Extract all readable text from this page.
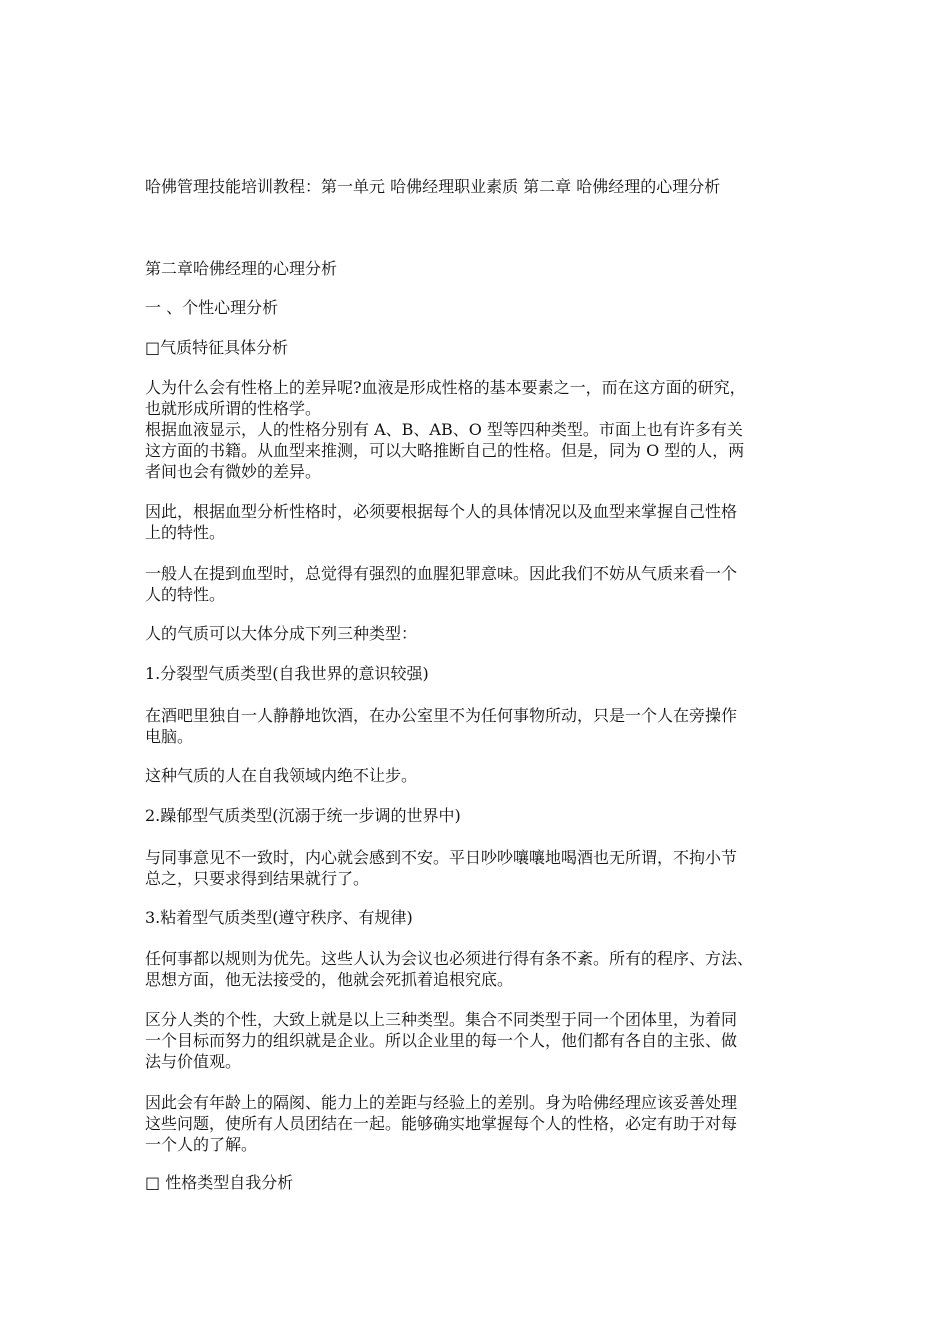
哈佛管理技能培训教程：第一单元 哈佛经理职业素质 第二章 哈佛经理的心理分析
第二章哈佛经理的心理分析
一 、个性心理分析
□气质特征具体分析
人为什么会有性格上的差异呢?血液是形成性格的基本要素之一，而在这方面的研究，
也就形成所谓的性格学。
根据血液显示，人的性格分别有 A、B、AB、O 型等四种类型。市面上也有许多有关
这方面的书籍。从血型来推测，可以大略推断自己的性格。但是，同为 O 型的人，两
者间也会有微妙的差异。
因此，根据血型分析性格时，必须要根据每个人的具体情况以及血型来掌握自己性格
上的特性。
一般人在提到血型时，总觉得有强烈的血腥犯罪意味。因此我们不妨从气质来看一个
人的特性。
人的气质可以大体分成下列三种类型：
1.分裂型气质类型(自我世界的意识较强)
在酒吧里独自一人静静地饮酒，在办公室里不为任何事物所动，只是一个人在旁操作
电脑。
这种气质的人在自我领域内绝不让步。
2.躁郁型气质类型(沉溺于统一步调的世界中)
与同事意见不一致时，内心就会感到不安。平日吵吵嚷嚷地喝酒也无所谓，不拘小节
总之，只要求得到结果就行了。
3.粘着型气质类型(遵守秩序、有规律)
任何事都以规则为优先。这些人认为会议也必须进行得有条不紊。所有的程序、方法、
思想方面，他无法接受的，他就会死抓着追根究底。
区分人类的个性，大致上就是以上三种类型。集合不同类型于同一个团体里，为着同
一个目标而努力的组织就是企业。所以企业里的每一个人，他们都有各自的主张、做
法与价值观。
因此会有年龄上的隔阂、能力上的差距与经验上的差别。身为哈佛经理应该妥善处理
这些问题，使所有人员团结在一起。能够确实地掌握每个人的性格，必定有助于对每
一个人的了解。
□ 性格类型自我分析
